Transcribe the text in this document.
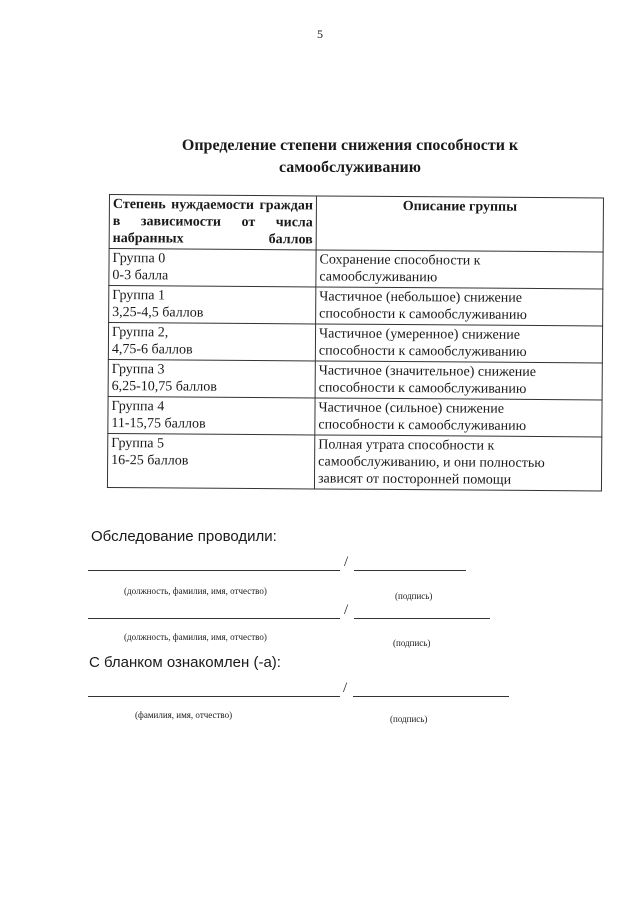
5
Определение степени снижения способности к
самообслуживанию
Степень нуждаемости граждан в зависимости от числа набранных баллов	Описание группы

Группа 0
0-3 балла	Сохранение способности к
самообслуживанию

Группа 1
3,25-4,5 баллов	Частичное (небольшое) снижение
способности к самообслуживанию

Группа 2,
4,75-6 баллов	Частичное (умеренное) снижение
способности к самообслуживанию

Группа 3
6,25-10,75 баллов	Частичное (значительное) снижение
способности к самообслуживанию

Группа 4
11-15,75 баллов	Частичное (сильное) снижение
способности к самообслуживанию

Группа 5
16-25 баллов	Полная утрата способности к
самообслуживанию, и они полностью
зависят от посторонней помощи
Обследование проводили:
/
(должность, фамилия, имя, отчество)	(подпись)
/
(должность, фамилия, имя, отчество)
(подпись)
С бланком ознакомлен (-а):
/
(фамилия, имя, отчество)	(подпись)
